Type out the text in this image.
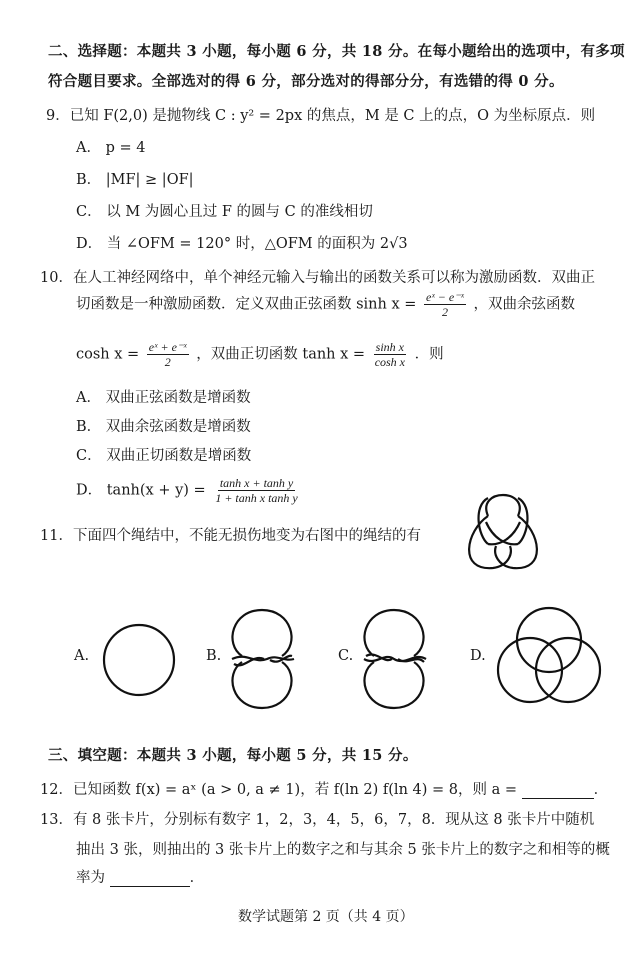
二、选择题：本题共 3 小题，每小题 6 分，共 18 分。在每小题给出的选项中，有多项
符合题目要求。全部选对的得 6 分，部分选对的得部分分，有选错的得 0 分。
9．已知 F(2,0) 是抛物线 C : y² = 2px 的焦点，M 是 C 上的点，O 为坐标原点．则
A． p = 4
B． |MF| ≥ |OF|
C． 以 M 为圆心且过 F 的圆与 C 的准线相切
D． 当 ∠OFM = 120° 时，△OFM 的面积为 2√3
10．在人工神经网络中，单个神经元输入与输出的函数关系可以称为激励函数．双曲正
切函数是一种激励函数．定义双曲正弦函数 $\sinh x = \frac{\text{eˣ − e⁻ˣ}}{2}$ ，双曲余弦函数
$\cosh x = \frac{\text{eˣ + e⁻ˣ}}{2}$ ，双曲正切函数 $\tanh x = \frac{\text{sinh x}}{\text{cosh x}}$ ．则
A． 双曲正弦函数是增函数
B． 双曲余弦函数是增函数
C． 双曲正切函数是增函数
D． $\tanh(x + y) = \frac{\text{tanh x + tanh y}}{\text{1 + tanh x tanh y}}$
11．下面四个绳结中，不能无损伤地变为右图中的绳结的有
A.	B.	C.	D.
三、填空题：本题共 3 小题，每小题 5 分，共 15 分。
12．已知函数 f(x) = aˣ (a > 0, a ≠ 1)，若 f(ln 2) f(ln 4) = 8，则 a =	．
13．有 8 张卡片，分别标有数字 1，2，3，4，5，6，7，8．现从这 8 张卡片中随机
抽出 3 张，则抽出的 3 张卡片上的数字之和与其余 5 张卡片上的数字之和相等的概
率为	．
数学试题第 2 页（共 4 页）
